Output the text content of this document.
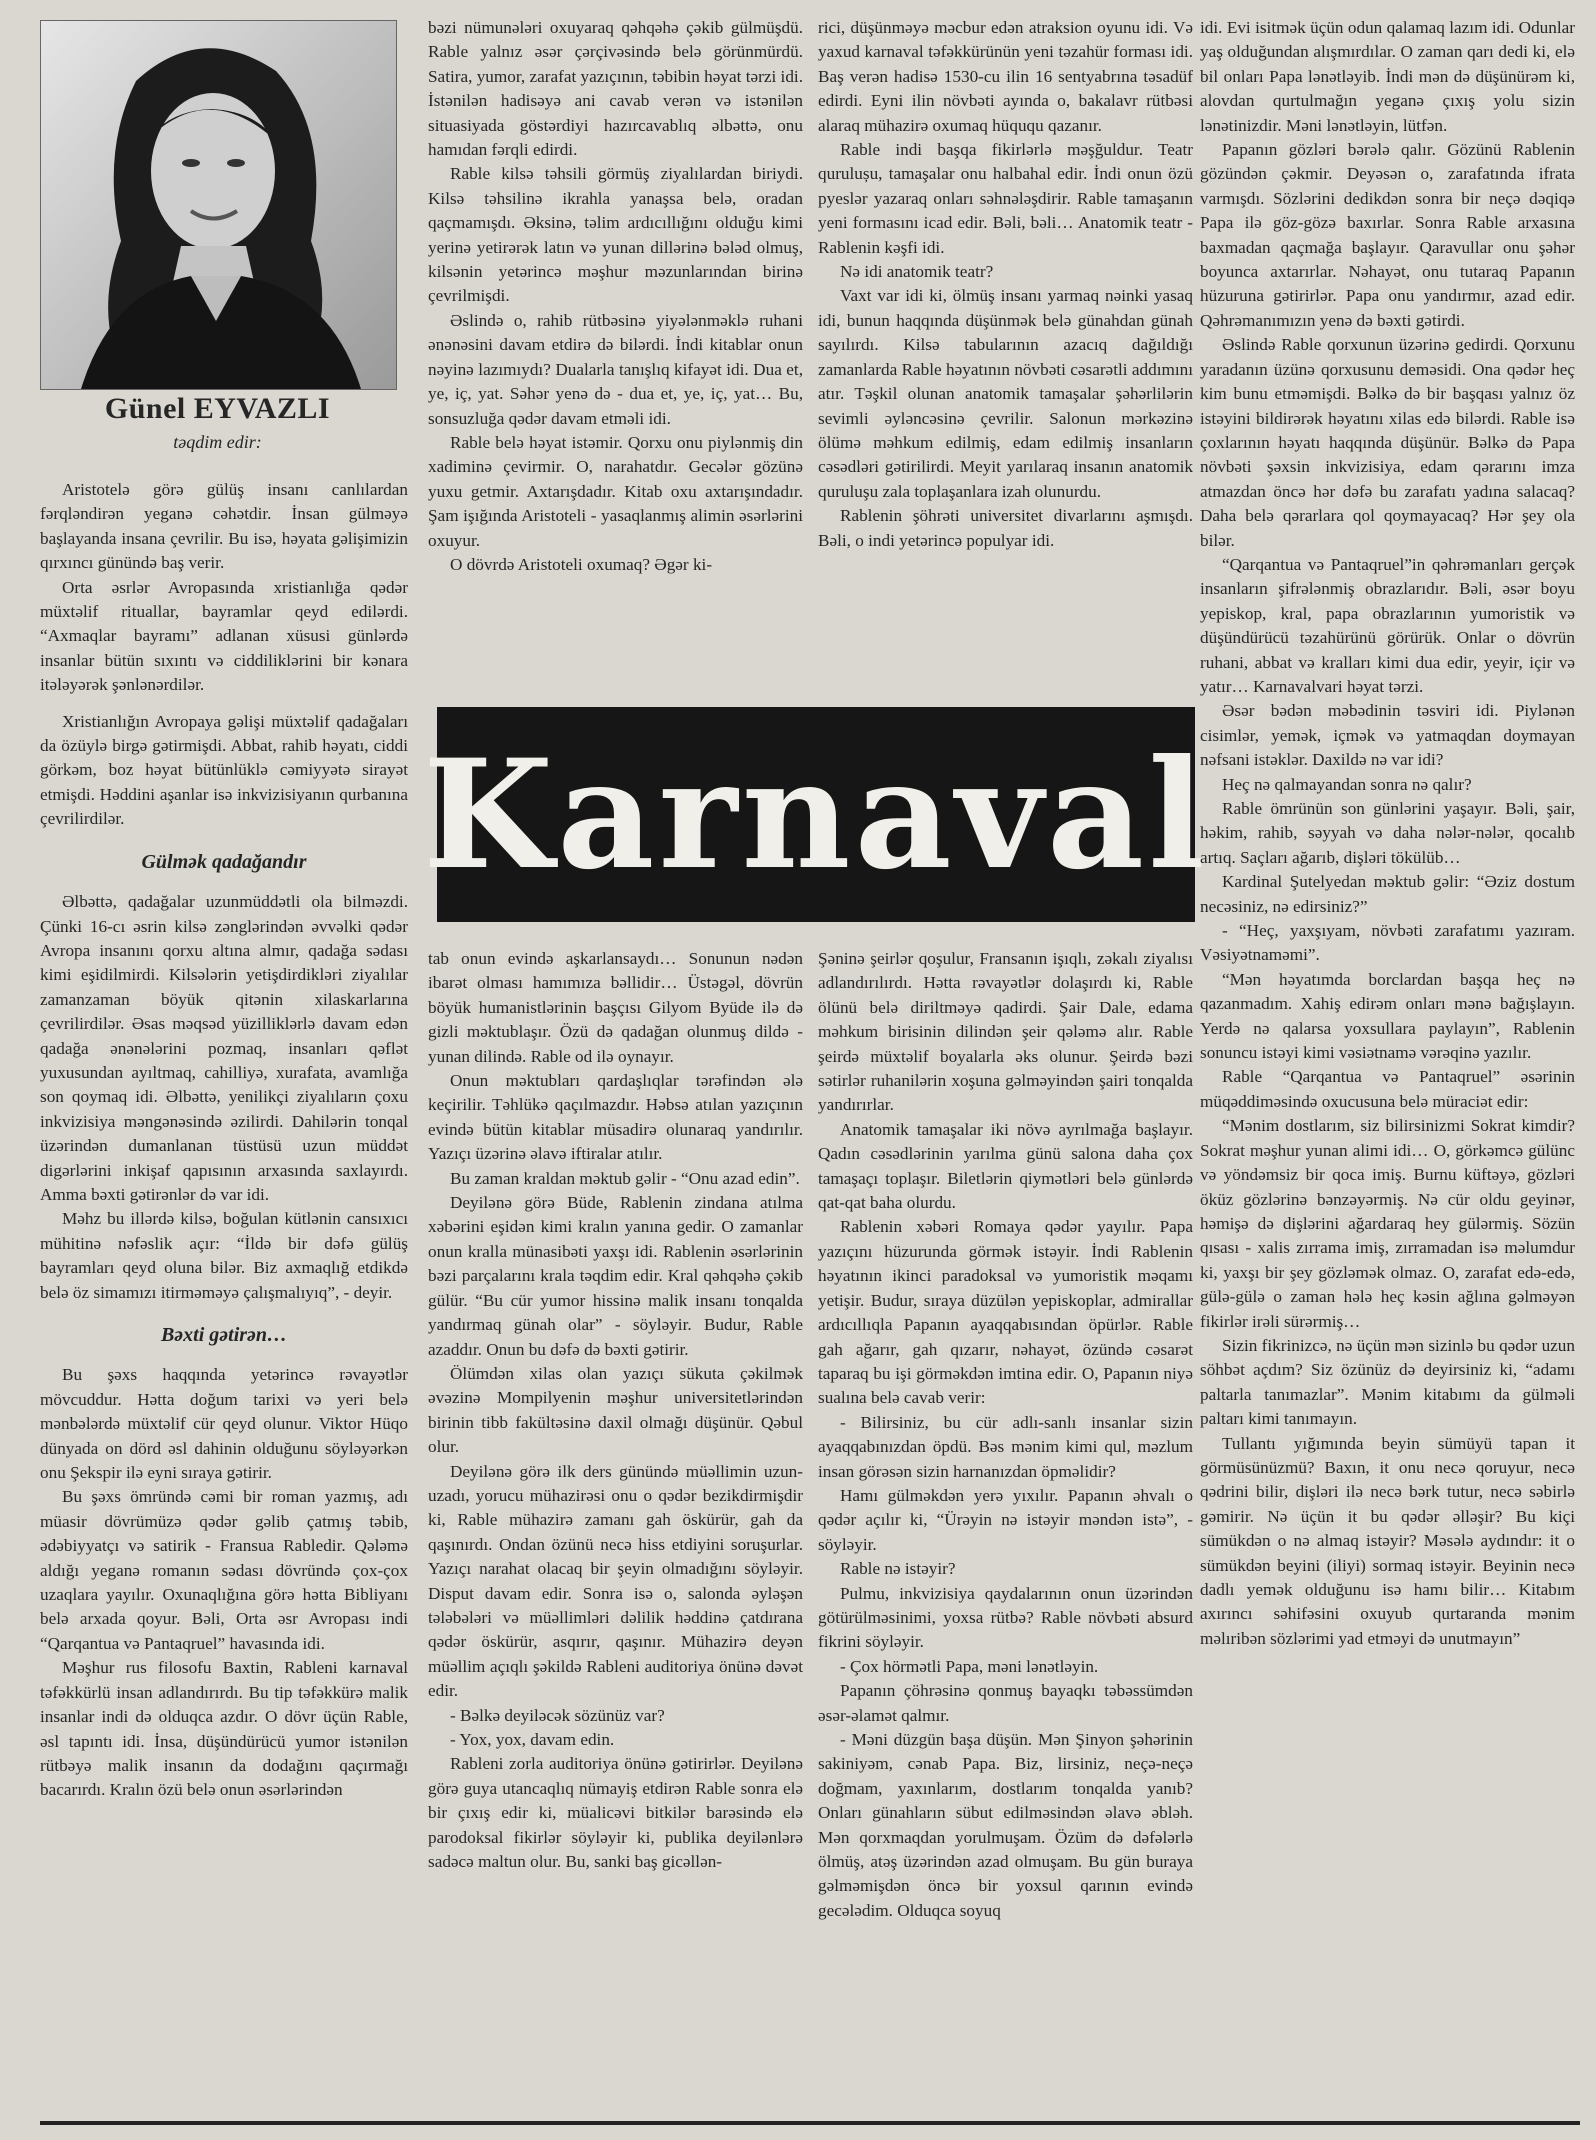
Günel EYVAZLI
təqdim edir:

Aristotelə görə gülüş insanı canlılardan fərqləndirən yeganə cəhətdir. İnsan gülməyə başlayanda insana çevrilir. Bu isə, həyata gəlişimizin qırxıncı günündə baş verir.

Orta əsrlər Avropasında xristianlığa qədər müxtəlif rituallar, bayramlar qeyd edilərdi. “Axmaqlar bayramı” adlanan xüsusi günlərdə insanlar bütün sıxıntı və ciddiliklərini bir kənara itələyərək şənlənərdilər.

Xristianlığın Avropaya gəlişi müxtəlif qadağaları da özüylə birgə gətirmişdi. Abbat, rahib həyatı, ciddi görkəm, boz həyat bütünlüklə cəmiyyətə sirayət etmişdi. Həddini aşanlar isə inkvizisiyanın qurbanına çevrilirdilər.

Gülmək qadağandır

Əlbəttə, qadağalar uzunmüddətli ola bilməzdi. Çünki 16-cı əsrin kilsə zənglərindən əvvəlki qədər Avropa insanını qorxu altına almır, qadağa sədası kimi eşidilmirdi. Kilsələrin yetişdirdikləri ziyalılar zamanzaman böyük qitənin xilaskarlarına çevrilirdilər. Əsas məqsəd yüzilliklərlə davam edən qadağa ənənələrini pozmaq, insanları qəflət yuxusundan ayıltmaq, cahilliyə, xurafata, avamlığa son qoymaq idi. Əlbəttə, yenilikçi ziyalıların çoxu inkvizisiya məngənəsində əzilirdi. Dahilərin tonqal üzərindən dumanlanan tüstüsü uzun müddət digərlərini inkişaf qapısının arxasında saxlayırdı. Amma bəxti gətirənlər də var idi.

Məhz bu illərdə kilsə, boğulan kütlənin cansıxıcı mühitinə nəfəslik açır: “İldə bir dəfə gülüş bayramları qeyd oluna bilər. Biz axmaqlığ etdikdə belə öz simamızı itirməməyə çalışmalıyıq”, - deyir.

Bəxti gətirən…

Bu şəxs haqqında yetərincə rəvayətlər mövcuddur. Hətta doğum tarixi və yeri belə mənbələrdə müxtəlif cür qeyd olunur. Viktor Hüqo dünyada on dörd əsl dahinin olduğunu söyləyərkən onu Şekspir ilə eyni sıraya gətirir.

Bu şəxs ömründə cəmi bir roman yazmış, adı müasir dövrümüzə qədər gəlib çatmış təbib, ədəbiyyatçı və satirik - Fransua Rabledir. Qələmə aldığı yeganə romanın sədası dövründə çox-çox uzaqlara yayılır. Oxunaqlığına görə hətta Bibliyanı belə arxada qoyur. Bəli, Orta əsr Avropası indi “Qarqantua və Pantaqruel” havasında idi.

Məşhur rus filosofu Baxtin, Rableni karnaval təfəkkürlü insan adlandırırdı. Bu tip təfəkkürə malik insanlar indi də olduqca azdır. O dövr üçün Rable, əsl tapıntı idi. İnsa, düşündürücü yumor istənilən rütbəyə malik insanın da dodağını qaçırmağı bacarırdı. Kralın özü belə onun əsərlərindən

bəzi nümunələri oxuyaraq qəhqəhə çəkib gülmüşdü. Rable yalnız əsər çərçivəsində belə görünmürdü. Satira, yumor, zarafat yazıçının, təbibin həyat tərzi idi. İstənilən hadisəyə ani cavab verən və istənilən situasiyada göstərdiyi hazırcavablıq əlbəttə, onu hamıdan fərqli edirdi.

Rable kilsə təhsili görmüş ziyalılardan biriydi. Kilsə təhsilinə ikrahla yanaşsa belə, oradan qaçmamışdı. Əksinə, təlim ardıcıllığını olduğu kimi yerinə yetirərək latın və yunan dillərinə bələd olmuş, kilsənin yetərincə məşhur məzunlarından birinə çevrilmişdi.

Əslində o, rahib rütbəsinə yiyələnməklə ruhani ənənəsini davam etdirə də bilərdi. İndi kitablar onun nəyinə lazımıydı? Dualarla tanışlıq kifayət idi. Dua et, ye, iç, yat. Səhər yenə də - dua et, ye, iç, yat… Bu, sonsuzluğa qədər davam etməli idi.

Rable belə həyat istəmir. Qorxu onu piylənmiş din xadiminə çevirmir. O, narahatdır. Gecələr gözünə yuxu getmir. Axtarışdadır. Kitab oxu axtarışındadır. Şam işığında Aristoteli - yasaqlanmış alimin əsərlərini oxuyur.

O dövrdə Aristoteli oxumaq? Əgər ki-

rici, düşünməyə məcbur edən atraksion oyunu idi. Və yaxud karnaval təfəkkürünün yeni təzahür forması idi. Baş verən hadisə 1530-cu ilin 16 sentyabrına təsadüf edirdi. Eyni ilin növbəti ayında o, bakalavr rütbəsi alaraq mühazirə oxumaq hüququ qazanır.

Rable indi başqa fikirlərlə məşğuldur. Teatr qurulușu, tamaşalar onu halbahal edir. İndi onun özü pyeslər yazaraq onları səhnələşdirir. Rable tamaşanın yeni formasını icad edir. Bəli, bəli… Anatomik teatr - Rablenin kəşfi idi.

Nə idi anatomik teatr?

Vaxt var idi ki, ölmüş insanı yarmaq nəinki yasaq idi, bunun haqqında düşünmək belə günahdan günah sayılırdı. Kilsə tabularının azacıq dağıldığı zamanlarda Rable həyatının növbəti cəsarətli addımını atır. Təşkil olunan anatomik tamaşalar şəhərlilərin sevimli əyləncəsinə çevrilir. Salonun mərkəzinə ölümə məhkum edilmiş, edam edilmiş insanların cəsədləri gətirilirdi. Meyit yarılaraq insanın anatomik quruluşu zala toplaşanlara izah olunurdu.

Rablenin şöhrəti universitet divarlarını aşmışdı. Bəli, o indi yetərincə populyar idi.

Karnaval

tab onun evində aşkarlansaydı… Sonunun nədən ibarət olması hamımıza bəllidir… Üstəgəl, dövrün böyük humanistlərinin başçısı Gilyom Byüde ilə də gizli məktublaşır. Özü də qadağan olunmuş dildə - yunan dilində. Rable od ilə oynayır.

Onun məktubları qardaşlıqlar tərəfindən ələ keçirilir. Təhlükə qaçılmazdır. Həbsə atılan yazıçının evində bütün kitablar müsadirə olunaraq yandırılır. Yazıçı üzərinə əlavə iftiralar atılır.

Bu zaman kraldan məktub gəlir - “Onu azad edin”.

Deyilənə görə Büde, Rablenin zindana atılma xəbərini eşidən kimi kralın yanına gedir. O zamanlar onun kralla münasibəti yaxşı idi. Rablenin əsərlərinin bəzi parçalarını krala təqdim edir. Kral qəhqəhə çəkib gülür. “Bu cür yumor hissinə malik insanı tonqalda yandırmaq günah olar” - söyləyir. Budur, Rable azaddır. Onun bu dəfə də bəxti gətirir.

Ölümdən xilas olan yazıçı sükuta çəkilmək əvəzinə Mompilyenin məşhur universitetlərindən birinin tibb fakültəsinə daxil olmağı düşünür. Qəbul olur.

Deyilənə görə ilk ders günündə müəllimin uzun-uzadı, yorucu mühazirəsi onu o qədər bezikdirmişdir ki, Rable mühazirə zamanı gah öskürür, gah da qaşınırdı. Ondan özünü necə hiss etdiyini soruşurlar. Yazıçı narahat olacaq bir şeyin olmadığını söyləyir. Disput davam edir. Sonra isə o, salonda əyləşən tələbələri və müəllimləri dəlilik həddinə çatdırana qədər öskürür, asqırır, qaşınır. Mühazirə deyən müəllim açıqlı şəkildə Rableni auditoriya önünə dəvət edir.

- Bəlkə deyiləcək sözünüz var?

- Yox, yox, davam edin.

Rableni zorla auditoriya önünə gətirirlər. Deyilənə görə guya utancaqlıq nümayiş etdirən Rable sonra elə bir çıxış edir ki, müalicəvi bitkilər barəsində elə parodoksal fikirlər söyləyir ki, publika deyilənlərə sadəcə maltun olur. Bu, sanki baş gicəllən-

Şəninə şeirlər qoşulur, Fransanın işıqlı, zəkalı ziyalısı adlandırılırdı. Hətta rəvayətlər dolaşırdı ki, Rable ölünü belə diriltməyə qadirdi. Şair Dale, edama məhkum birisinin dilindən şeir qələmə alır. Rable şeirdə müxtəlif boyalarla əks olunur. Şeirdə bəzi sətirlər ruhanilərin xoşuna gəlməyindən şairi tonqalda yandırırlar.

Anatomik tamaşalar iki növə ayrılmağa başlayır. Qadın cəsədlərinin yarılma günü salona daha çox tamaşaçı toplaşır. Biletlərin qiymətləri belə günlərdə qat-qat baha olurdu.

Rablenin xəbəri Romaya qədər yayılır. Papa yazıçını hüzurunda görmək istəyir. İndi Rablenin həyatının ikinci paradoksal və yumoristik məqamı yetişir. Budur, sıraya düzülən yepiskoplar, admirallar ardıcıllıqla Papanın ayaqqabısından öpürlər. Rable gah ağarır, gah qızarır, nəhayət, özündə cəsarət taparaq bu işi görməkdən imtina edir. O, Papanın niyə sualına belə cavab verir:

- Bilirsiniz, bu cür adlı-sanlı insanlar sizin ayaqqabınızdan öpdü. Bəs mənim kimi qul, məzlum insan görəsən sizin harnanızdan öpməlidir?

Hamı gülməkdən yerə yıxılır. Papanın əhvalı o qədər açılır ki, “Ürəyin nə istəyir məndən istə”, - söyləyir.

Rable nə istəyir?

Pulmu, inkvizisiya qaydalarının onun üzərindən götürülməsinimi, yoxsa rütbə? Rable növbəti absurd fikrini söyləyir.

- Çox hörmətli Papa, məni lənətləyin.

Papanın çöhrəsinə qonmuş bayaqkı təbəssümdən əsər-əlamət qalmır.

- Məni düzgün başa düşün. Mən Şinyon şəhərinin sakiniyəm, cənab Papa. Biz, lirsiniz, neçə-neçə doğmam, yaxınlarım, dostlarım tonqalda yanıb? Onları günahların sübut edilməsindən əlavə əbləh. Mən qorxmaqdan yorulmuşam. Özüm də dəfələrlə ölmüş, atəş üzərindən azad olmuşam. Bu gün buraya gəlməmişdən öncə bir yoxsul qarının evində gecələdim. Olduqca soyuq

idi. Evi isitmək üçün odun qalamaq lazım idi. Odunlar yaş olduğundan alışmırdılar. O zaman qarı dedi ki, elə bil onları Papa lənətləyib. İndi mən də düşünürəm ki, alovdan qurtulmağın yeganə çıxış yolu sizin lənətinizdir. Məni lənətləyin, lütfən.

Papanın gözləri bərələ qalır. Gözünü Rablenin gözündən çəkmir. Deyəsən o, zarafatında ifrata varmışdı. Sözlərini dedikdən sonra bir neçə dəqiqə Papa ilə göz-gözə baxırlar. Sonra Rable arxasına baxmadan qaçmağa başlayır. Qaravullar onu şəhər boyunca axtarırlar. Nəhayət, onu tutaraq Papanın hüzuruna gətirirlər. Papa onu yandırmır, azad edir. Qəhrəmanımızın yenə də bəxti gətirdi.

Əslində Rable qorxunun üzərinə gedirdi. Qorxunu yaradanın üzünə qorxusunu deməsidi. Ona qədər heç kim bunu etməmişdi. Bəlkə də bir başqası yalnız öz istəyini bildirərək həyatını xilas edə bilərdi. Rable isə çoxlarının həyatı haqqında düşünür. Bəlkə də Papa növbəti şəxsin inkvizisiya, edam qərarını imza atmazdan öncə hər dəfə bu zarafatı yadına salacaq? Daha belə qərarlara qol qoymayacaq? Hər şey ola bilər.

“Qarqantua və Pantaqruel”in qəhrəmanları gerçək insanların şifrələnmiş obrazlarıdır. Bəli, əsər boyu yepiskop, kral, papa obrazlarının yumoristik və düşündürücü təzahürünü görürük. Onlar o dövrün ruhani, abbat və kralları kimi dua edir, yeyir, içir və yatır… Karnavalvari həyat tərzi.

Əsər bədən məbədinin təsviri idi. Piylənən cisimlər, yemək, içmək və yatmaqdan doymayan nəfsani istəklər. Daxildə nə var idi?

Heç nə qalmayandan sonra nə qalır?

Rable ömrünün son günlərini yaşayır. Bəli, şair, həkim, rahib, səyyah və daha nələr-nələr, qocalıb artıq. Saçları ağarıb, dişləri tökülüb…

Kardinal Şutelyedan məktub gəlir: “Əziz dostum necəsiniz, nə edirsiniz?”

- “Heç, yaxşıyam, növbəti zarafatımı yazıram. Vəsiyətnaməmi”.

“Mən həyatımda borclardan başqa heç nə qazanmadım. Xahiş edirəm onları mənə bağışlayın. Yerdə nə qalarsa yoxsullara paylayın”, Rablenin sonuncu istəyi kimi vəsiətnamə vərəqinə yazılır.

Rable “Qarqantua və Pantaqruel” əsərinin müqəddiməsində oxucusuna belə müraciət edir:

“Mənim dostlarım, siz bilirsinizmi Sokrat kimdir? Sokrat məşhur yunan alimi idi… O, görkəmcə gülünc və yöndəmsiz bir qoca imiş. Burnu küftəyə, gözləri öküz gözlərinə bənzəyərmiş. Nə cür oldu geyinər, həmişə də dişlərini ağardaraq hey gülərmiş. Sözün qısası - xalis zırrama imiş, zırramadan isə məlumdur ki, yaxşı bir şey gözləmək olmaz. O, zarafat edə-edə, gülə-gülə o zaman hələ heç kəsin ağlına gəlməyən fikirlər irəli sürərmiş…

Sizin fikrinizcə, nə üçün mən sizinlə bu qədər uzun söhbət açdım? Siz özünüz də deyirsiniz ki, “adamı paltarla tanımazlar”. Mənim kitabımı da gülməli paltarı kimi tanımayın.

Tullantı yığımında beyin sümüyü tapan it görmüsünüzmü? Baxın, it onu necə qoruyur, necə qədrini bilir, dişləri ilə necə bərk tutur, necə səbirlə gəmirir. Nə üçün it bu qədər əlləşir? Bu kiçi sümükdən o nə almaq istəyir? Məsələ aydındır: it o sümükdən beyini (iliyi) sormaq istəyir. Beyinin necə dadlı yemək olduğunu isə hamı bilir… Kitabım axırıncı səhifəsini oxuyub qurtaranda mənim məlıribən sözlərimi yad etməyi də unutmayın”
